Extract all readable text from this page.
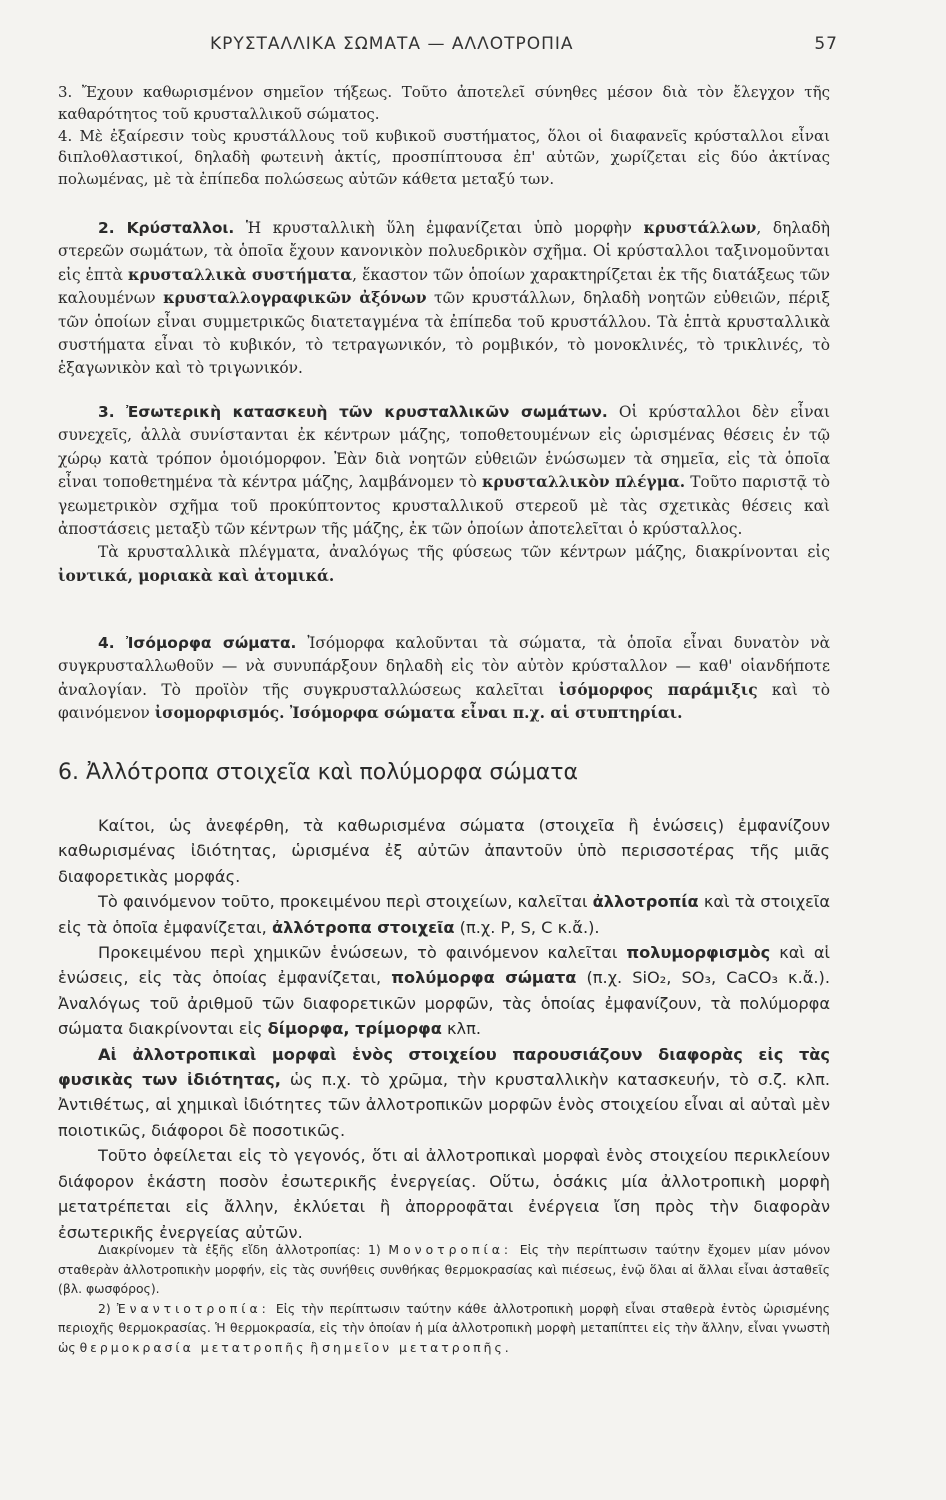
ΚΡΥΣΤΑΛΛΙΚΑ ΣΩΜΑΤΑ — ΑΛΛΟΤΡΟΠΙΑ	57

3. Ἔχουν καθωρισμένον σημεῖον τήξεως. Τοῦτο ἀποτελεῖ σύνηθες μέσον διὰ τὸν ἔλεγχον τῆς καθαρότητος τοῦ κρυσταλλικοῦ σώματος.

4. Μὲ ἐξαίρεσιν τοὺς κρυστάλλους τοῦ κυβικοῦ συστήματος, ὅλοι οἱ διαφανεῖς κρύσταλλοι εἶναι διπλοθλαστικοί, δηλαδὴ φωτεινὴ ἀκτίς, προσπίπτουσα ἐπ' αὐτῶν, χωρίζεται εἰς δύο ἀκτίνας πολωμένας, μὲ τὰ ἐπίπεδα πολώσεως αὐτῶν κάθετα μεταξύ των.

2. Κρύσταλλοι. Ἡ κρυσταλλικὴ ὕλη ἐμφανίζεται ὑπὸ μορφὴν κρυστάλλων, δηλαδὴ στερεῶν σωμάτων, τὰ ὁποῖα ἔχουν κανονικὸν πολυεδρικὸν σχῆμα. Οἱ κρύσταλλοι ταξινομοῦνται εἰς ἑπτὰ κρυσταλλικὰ συστήματα, ἕκαστον τῶν ὁποίων χαρακτηρίζεται ἐκ τῆς διατάξεως τῶν καλουμένων κρυσταλλογραφικῶν ἀξόνων τῶν κρυστάλλων, δηλαδὴ νοητῶν εὐθειῶν, πέριξ τῶν ὁποίων εἶναι συμμετρικῶς διατεταγμένα τὰ ἐπίπεδα τοῦ κρυστάλλου. Τὰ ἑπτὰ κρυσταλλικὰ συστήματα εἶναι τὸ κυβικόν, τὸ τετραγωνικόν, τὸ ρομβικόν, τὸ μονοκλινές, τὸ τρικλινές, τὸ ἑξαγωνικὸν καὶ τὸ τριγωνικόν.

3. Ἐσωτερικὴ κατασκευὴ τῶν κρυσταλλικῶν σωμάτων. Οἱ κρύσταλλοι δὲν εἶναι συνεχεῖς, ἀλλὰ συνίστανται ἐκ κέντρων μάζης, τοποθετουμένων εἰς ὡρισμένας θέσεις ἐν τῷ χώρῳ κατὰ τρόπον ὁμοιόμορφον. Ἐὰν διὰ νοητῶν εὐθειῶν ἑνώσωμεν τὰ σημεῖα, εἰς τὰ ὁποῖα εἶναι τοποθετημένα τὰ κέντρα μάζης, λαμβάνομεν τὸ κρυσταλλικὸν πλέγμα. Τοῦτο παριστᾷ τὸ γεωμετρικὸν σχῆμα τοῦ προκύπτοντος κρυσταλλικοῦ στερεοῦ μὲ τὰς σχετικὰς θέσεις καὶ ἀποστάσεις μεταξὺ τῶν κέντρων τῆς μάζης, ἐκ τῶν ὁποίων ἀποτελεῖται ὁ κρύσταλλος.

Τὰ κρυσταλλικὰ πλέγματα, ἀναλόγως τῆς φύσεως τῶν κέντρων μάζης, διακρίνονται εἰς ἰοντικά, μοριακὰ καὶ ἀτομικά.

4. Ἰσόμορφα σώματα. Ἰσόμορφα καλοῦνται τὰ σώματα, τὰ ὁποῖα εἶναι δυνατὸν νὰ συγκρυσταλλωθοῦν — νὰ συνυπάρξουν δηλαδὴ εἰς τὸν αὐτὸν κρύσταλλον — καθ' οἱανδήποτε ἀναλογίαν. Τὸ προϊὸν τῆς συγκρυσταλλώσεως καλεῖται ἰσόμορφος παράμιξις καὶ τὸ φαινόμενον ἰσομορφισμός. Ἰσόμορφα σώματα εἶναι π.χ. αἱ στυπτηρίαι.

6. Ἀλλότροπα στοιχεῖα καὶ πολύμορφα σώματα

Καίτοι, ὡς ἀνεφέρθη, τὰ καθωρισμένα σώματα (στοιχεῖα ἢ ἑνώσεις) ἐμφανίζουν καθωρισμένας ἰδιότητας, ὡρισμένα ἐξ αὐτῶν ἀπαντοῦν ὑπὸ περισσοτέρας τῆς μιᾶς διαφορετικὰς μορφάς.

Τὸ φαινόμενον τοῦτο, προκειμένου περὶ στοιχείων, καλεῖται ἀλλοτροπία καὶ τὰ στοιχεῖα εἰς τὰ ὁποῖα ἐμφανίζεται, ἀλλότροπα στοιχεῖα (π.χ. P, S, C κ.ἄ.).

Προκειμένου περὶ χημικῶν ἑνώσεων, τὸ φαινόμενον καλεῖται πολυμορφισμὸς καὶ αἱ ἑνώσεις, εἰς τὰς ὁποίας ἐμφανίζεται, πολύμορφα σώματα (π.χ. SiO₂, SO₃, CaCO₃ κ.ἄ.). Ἀναλόγως τοῦ ἀριθμοῦ τῶν διαφορετικῶν μορφῶν, τὰς ὁποίας ἐμφανίζουν, τὰ πολύμορφα σώματα διακρίνονται εἰς δίμορφα, τρίμορφα κλπ.

Αἱ ἀλλοτροπικαὶ μορφαὶ ἑνὸς στοιχείου παρουσιάζουν διαφορὰς εἰς τὰς φυσικὰς των ἰδιότητας, ὡς π.χ. τὸ χρῶμα, τὴν κρυσταλλικὴν κατασκευήν, τὸ σ.ζ. κλπ. Ἀντιθέτως, αἱ χημικαὶ ἰδιότητες τῶν ἀλλοτροπικῶν μορφῶν ἑνὸς στοιχείου εἶναι αἱ αὐταὶ μὲν ποιοτικῶς, διάφοροι δὲ ποσοτικῶς.

Τοῦτο ὀφείλεται εἰς τὸ γεγονός, ὅτι αἱ ἀλλοτροπικαὶ μορφαὶ ἑνὸς στοιχείου περικλείουν διάφορον ἑκάστη ποσὸν ἐσωτερικῆς ἐνεργείας. Οὕτω, ὁσάκις μία ἀλλοτροπικὴ μορφὴ μετατρέπεται εἰς ἄλλην, ἐκλύεται ἢ ἀπορροφᾶται ἐνέργεια ἴση πρὸς τὴν διαφορὰν ἐσωτερικῆς ἐνεργείας αὐτῶν.

Διακρίνομεν τὰ ἑξῆς εἴδη ἀλλοτροπίας: 1) Μονοτροπία: Εἰς τὴν περίπτωσιν ταύτην ἔχομεν μίαν μόνον σταθερὰν ἀλλοτροπικὴν μορφήν, εἰς τὰς συνήθεις συνθήκας θερμοκρασίας καὶ πιέσεως, ἐνῷ ὅλαι αἱ ἄλλαι εἶναι ἀσταθεῖς (βλ. φωσφόρος).

2) Ἐναντιοτροπία: Εἰς τὴν περίπτωσιν ταύτην κάθε ἀλλοτροπικὴ μορφὴ εἶναι σταθερὰ ἐντὸς ὡρισμένης περιοχῆς θερμοκρασίας. Ἡ θερμοκρασία, εἰς τὴν ὁποίαν ἡ μία ἀλλοτροπικὴ μορφὴ μεταπίπτει εἰς τὴν ἄλλην, εἶναι γνωστὴ ὡς θερμοκρασία μετατροπῆς ἢ σημεῖον μετατροπῆς.
